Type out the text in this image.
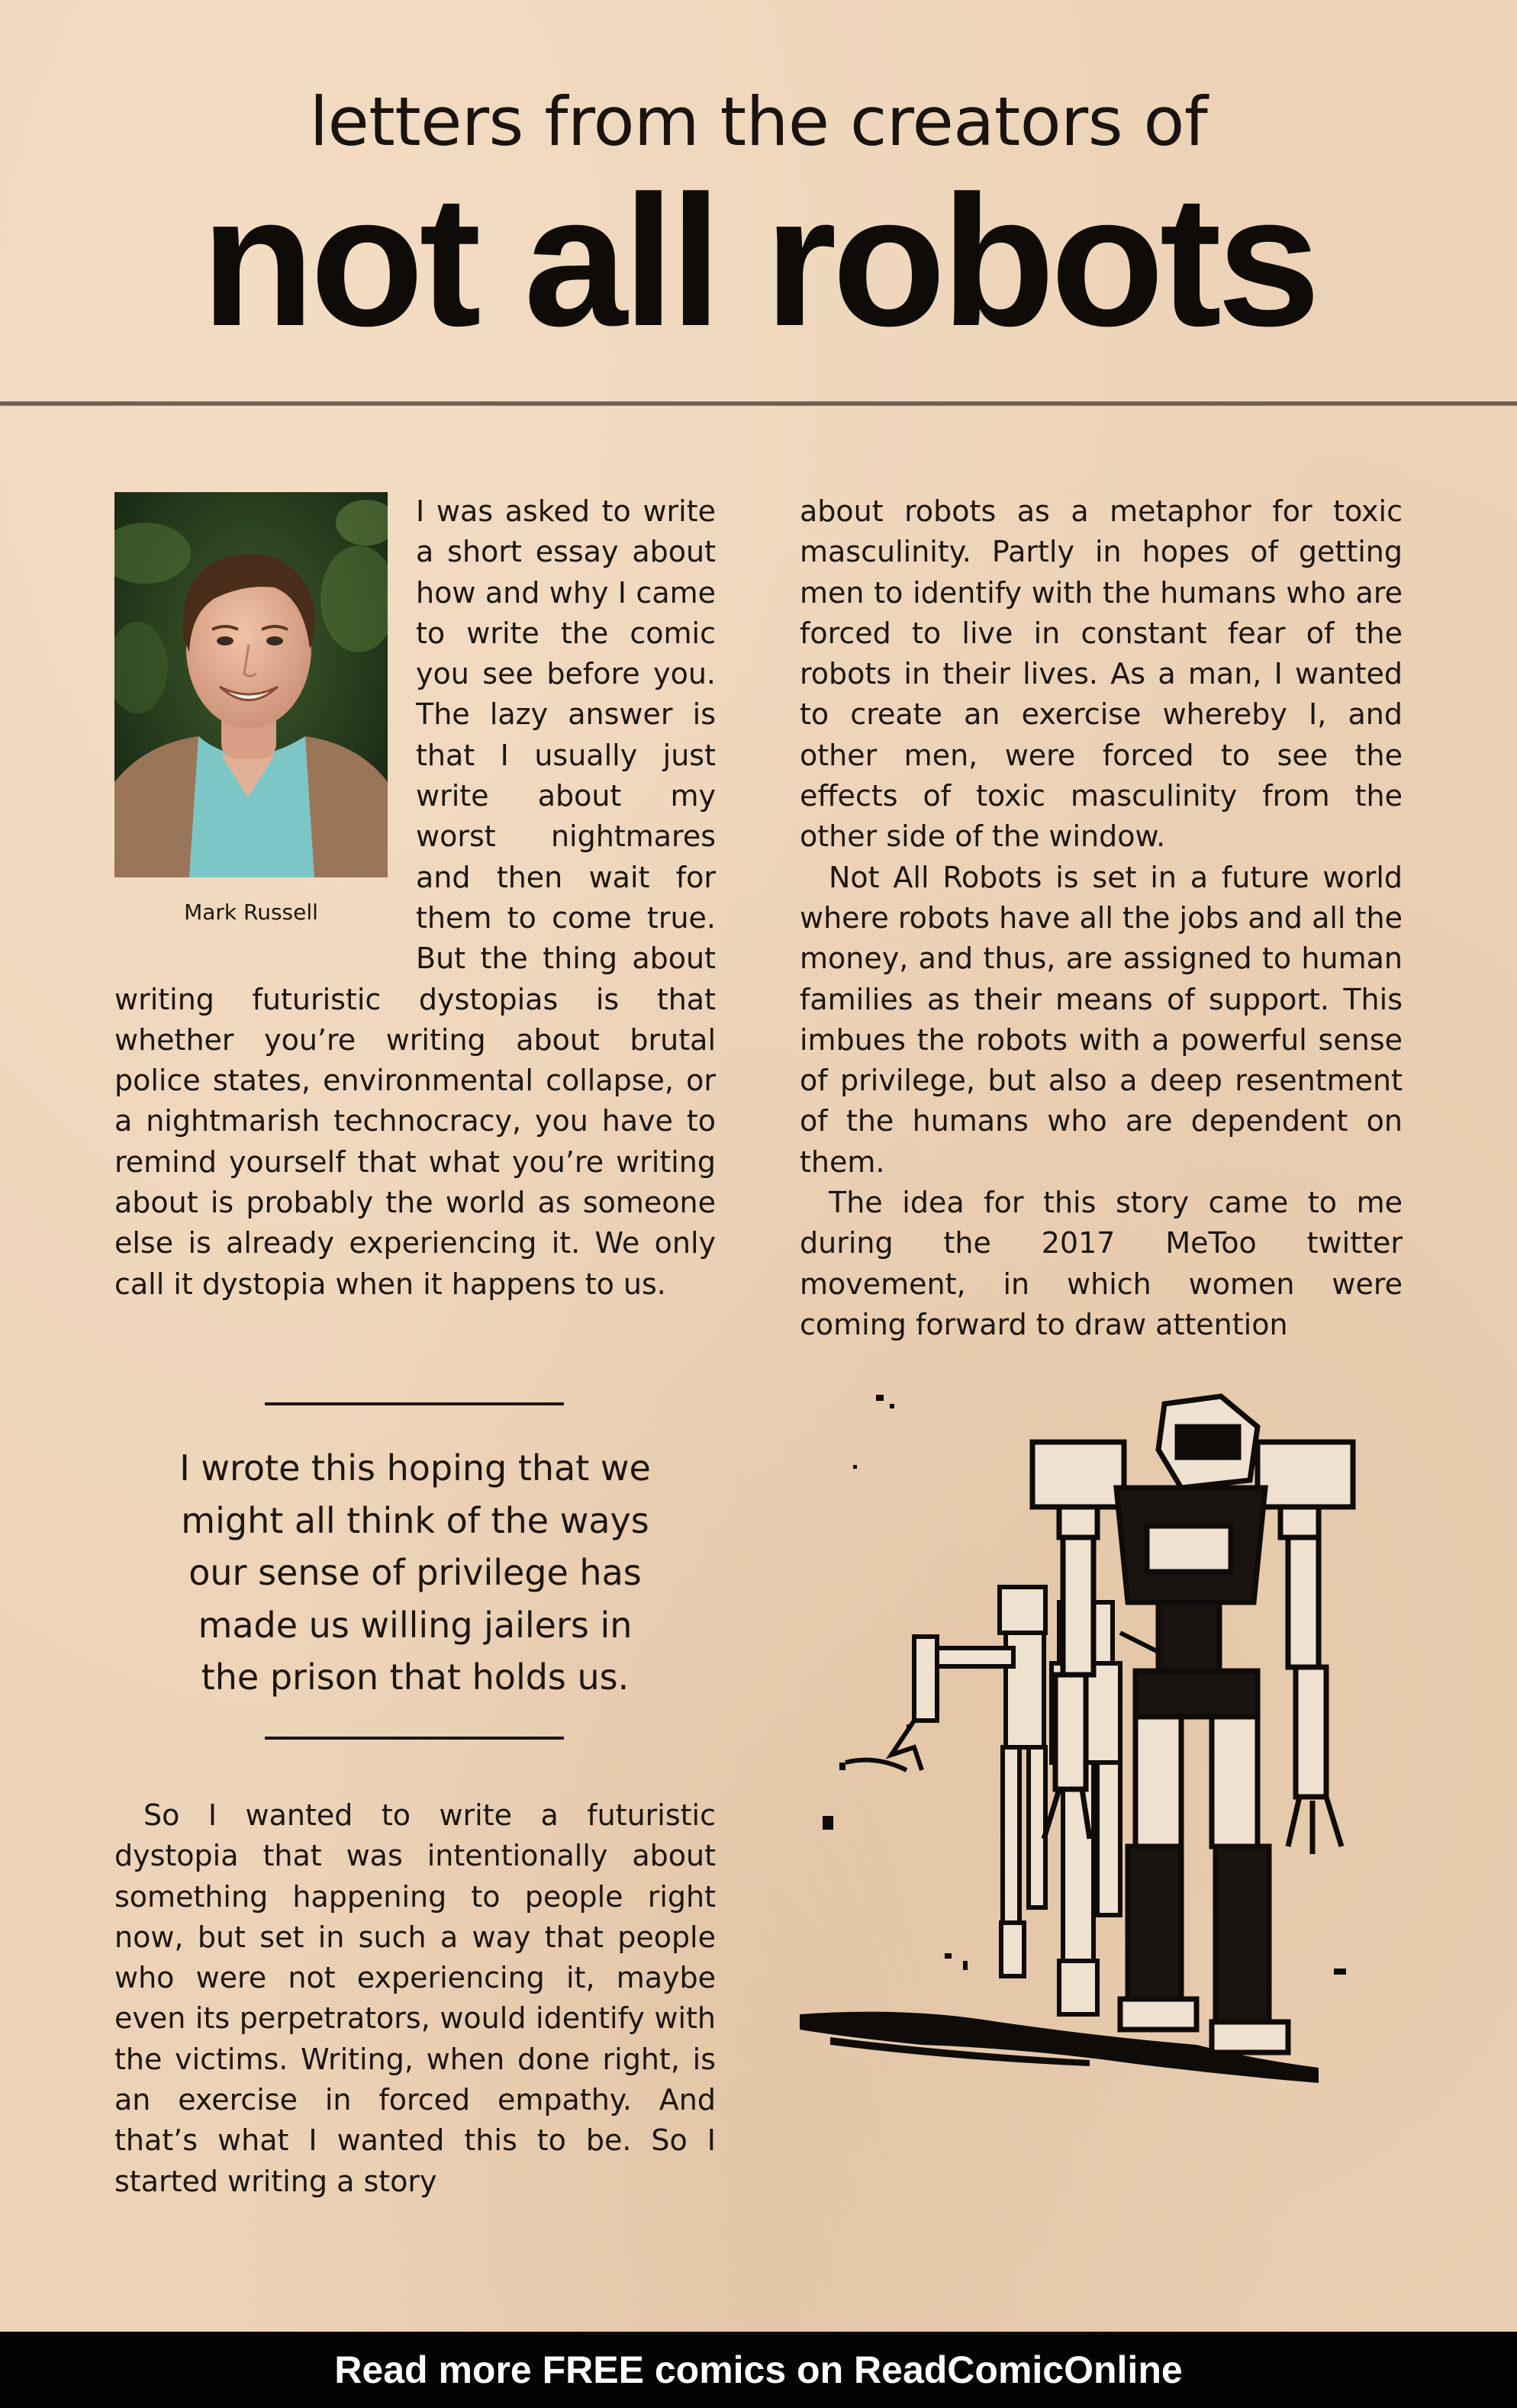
letters from the creators of
not all robots
Mark Russell

I was asked to write a short essay about how and why I came to write the comic you see before you. The lazy answer is that I usually just write about my worst nightmares and then wait for them to come true. But the thing about writing futuristic dystopias is that whether you’re writing about brutal police states, environmental collapse, or a nightmarish technocracy, you have to remind yourself that what you’re writing about is probably the world as someone else is already experiencing it. We only call it dystopia when it happens to us.

about robots as a metaphor for toxic masculinity. Partly in hopes of getting men to identify with the humans who are forced to live in constant fear of the robots in their lives. As a man, I wanted to create an exercise whereby I, and other men, were forced to see the effects of toxic masculinity from the other side of the window.

Not All Robots is set in a future world where robots have all the jobs and all the money, and thus, are assigned to human families as their means of support. This imbues the robots with a powerful sense of privilege, but also a deep resentment of the humans who are dependent on them.

The idea for this story came to me during the 2017 MeToo twitter movement, in which women were coming forward to draw attention

I wrote this hoping that we
might all think of the ways
our sense of privilege has
made us willing jailers in
the prison that holds us.

So I wanted to write a futuristic dystopia that was intentionally about something happening to people right now, but set in such a way that people who were not experiencing it, maybe even its perpetrators, would identify with the victims. Writing, when done right, is an exercise in forced empathy. And that’s what I wanted this to be. So I started writing a story

Read more FREE comics on ReadComicOnline
